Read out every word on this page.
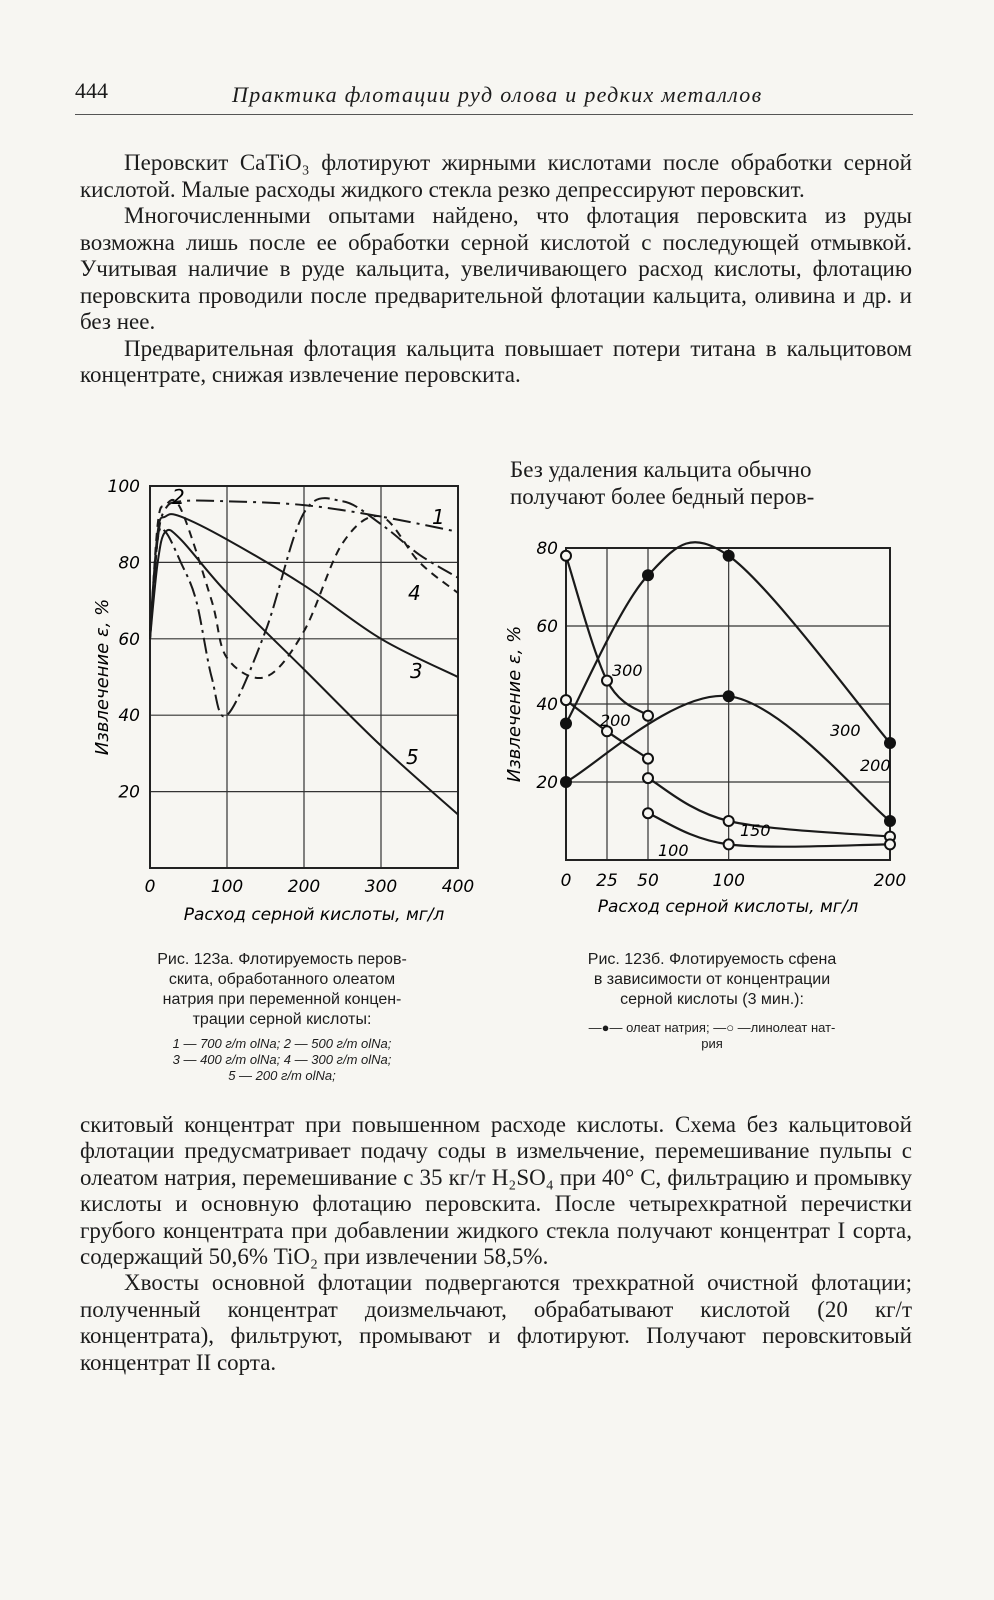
444	Практика флотации руд олова и редких металлов

Перовскит CaTiO₃ флотируют жирными кислотами после обработки серной кислотой. Малые расходы жидкого стекла резко депрессируют перовскит.

Многочисленными опытами найдено, что флотация перовскита из руды возможна лишь после ее обработки серной кислотой с последующей отмывкой. Учитывая наличие в руде кальцита, увеличивающего расход кислоты, флотацию перовскита проводили после предварительной флотации кальцита, оливина и др. и без нее.

Предварительная флотация кальцита повышает потери титана в кальцитовом концентрате, снижая извлечение перовскита.

Без удаления кальцита обычно
получают более бедный перов-
0	100	200	300	400
20
40
60
80
100
Извлечение ε, %
Расход серной кислоты, мг/л
1
2
3
4
5
0 25 50	100	200
20
40
60
80
Извлечение ε, %
Расход серной кислоты, мг/л
300
200
150
100
300
200
Рис. 123а. Флотируемость перов-
скита, обработанного олеатом
натрия при переменной концен-
трации серной кислоты:
1 — 700 г/т olNa; 2 — 500 г/т olNa;
3 — 400 г/т olNa; 4 — 300 г/т olNa;
5 — 200 г/т olNa;
Рис. 123б. Флотируемость сфена
в зависимости от концентрации
серной кислоты (3 мин.):
—●— олеат натрия; —○ —линолеат нат-
рия

скитовый концентрат при повышенном расходе кислоты. Схема без кальцитовой флотации предусматривает подачу соды в измельчение, перемешивание пульпы с олеатом натрия, перемешивание с 35 кг/т H₂SO₄ при 40° C, фильтрацию и промывку кислоты и основную флотацию перовскита. После четырехкратной перечистки грубого концентрата при добавлении жидкого стекла получают концентрат I сорта, содержащий 50,6% TiO₂ при извлечении 58,5%.

Хвосты основной флотации подвергаются трехкратной очистной флотации; полученный концентрат доизмельчают, обрабатывают кислотой (20 кг/т концентрата), фильтруют, промывают и флотируют. Получают перовскитовый концентрат II сорта.
